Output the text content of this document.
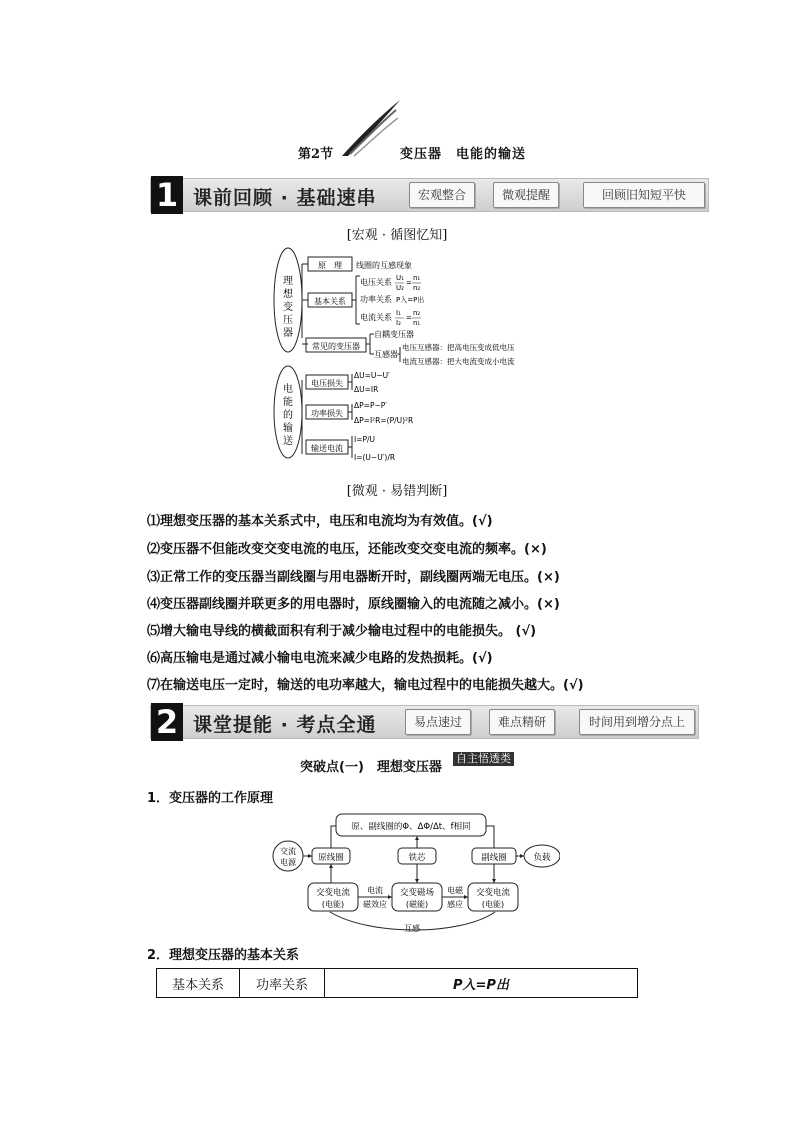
第2节	变压器　电能的输送
1 课前回顾 · 基础速串	宏观整合	微观提醒	回顾旧知短平快
[宏观 · 循图忆知]
理
想
变
压
器
电
能
的
输
送
原　理 线圈的互感现象
基本关系
电压关系 U₁
U₂
=
n₁
n₂
功率关系 P入=P出
电流关系 I₁
I₂
=
n₂
n₁
常见的变压器
自耦变压器
互感器
电压互感器：把高电压变成低电压
电流互感器：把大电流变成小电流
电压损失
ΔU=U−U′
ΔU=IR
功率损失
ΔP=P−P′
ΔP=I²R=(P/U)²R
输送电流
I=P/U
I=(U−U′)/R
[微观 · 易错判断]
⑴理想变压器的基本关系式中，电压和电流均为有效值。(√)
⑵变压器不但能改变交变电流的电压，还能改变交变电流的频率。(×)
⑶正常工作的变压器当副线圈与用电器断开时，副线圈两端无电压。(×)
⑷变压器副线圈并联更多的用电器时，原线圈输入的电流随之减小。(×)
⑸增大输电导线的横截面积有利于减少输电过程中的电能损失。 (√)
⑹高压输电是通过减小输电电流来减少电路的发热损耗。(√)
⑺在输送电压一定时，输送的电功率越大，输电过程中的电能损失越大。(√)
2 课堂提能 · 考点全通	易点速过	难点精研	时间用到增分点上
突破点(一)　理想变压器
自主悟透类
1．变压器的工作原理
原、副线圈的Φ、ΔΦ/Δt、f相同
交流
电源	原线圈	铁芯	副线圈	负载
交变电流
(电能)
交变磁场
(磁能)
交变电流
(电能)
电流
磁效应
电磁
感应
互感
2．理想变压器的基本关系
基本关系	功率关系	P入=P出
